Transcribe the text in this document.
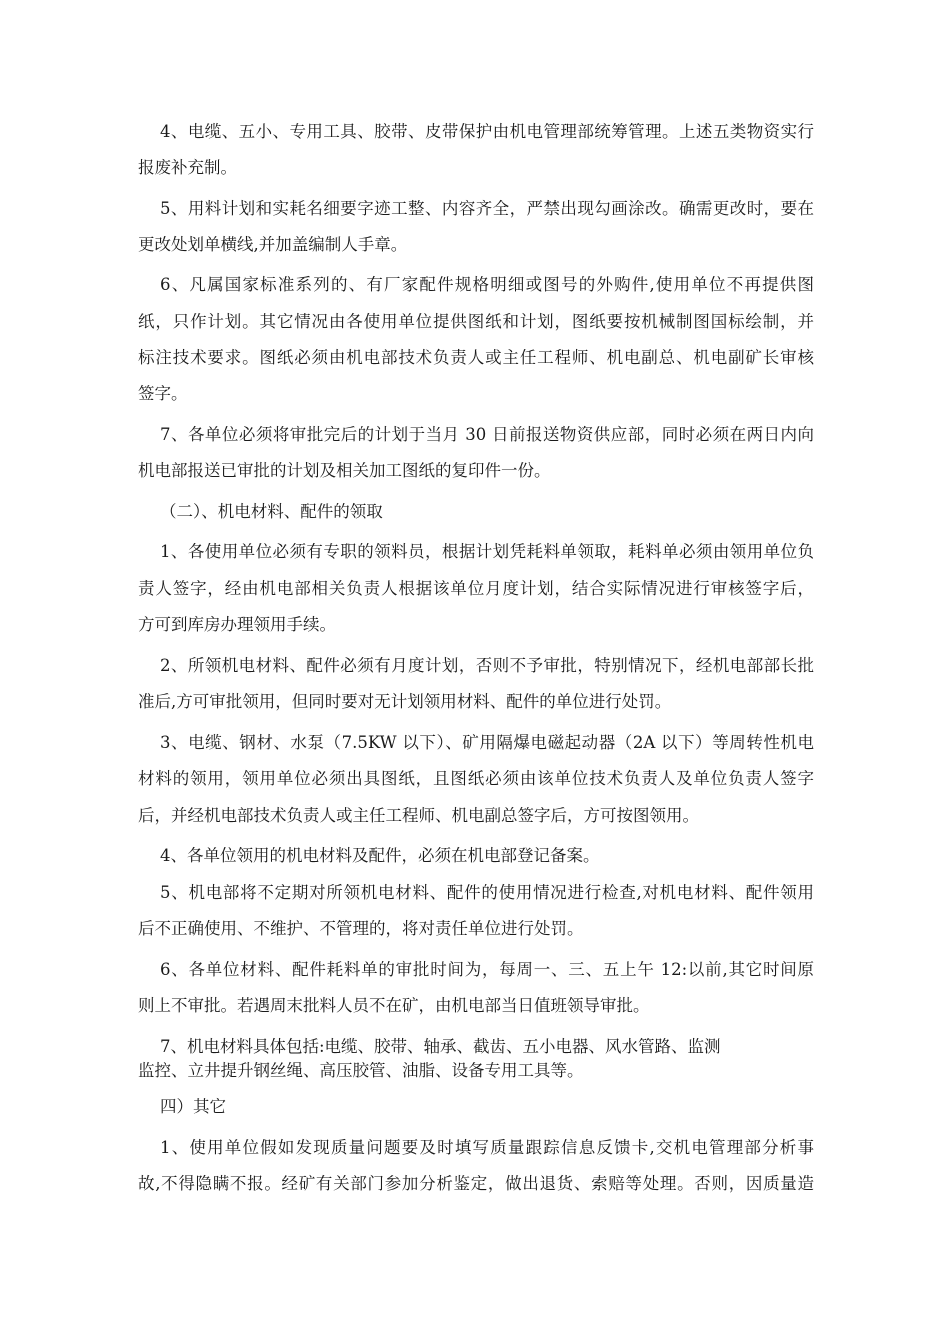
4、电缆、五小、专用工具、胶带、皮带保护由机电管理部统筹管理。上述五类物资实行
报废补充制。
5、用料计划和实耗名细要字迹工整、内容齐全，严禁出现勾画涂改。确需更改时，要在
更改处划单横线,并加盖编制人手章。
6、凡属国家标准系列的、有厂家配件规格明细或图号的外购件,使用单位不再提供图
纸，只作计划。其它情况由各使用单位提供图纸和计划，图纸要按机械制图国标绘制，并
标注技术要求。图纸必须由机电部技术负责人或主任工程师、机电副总、机电副矿长审核
签字。
7、各单位必须将审批完后的计划于当月 30 日前报送物资供应部，同时必须在两日内向
机电部报送已审批的计划及相关加工图纸的复印件一份。
（二）、机电材料、配件的领取
1、各使用单位必须有专职的领料员，根据计划凭耗料单领取，耗料单必须由领用单位负
责人签字，经由机电部相关负责人根据该单位月度计划，结合实际情况进行审核签字后，
方可到库房办理领用手续。
2、所领机电材料、配件必须有月度计划，否则不予审批，特别情况下，经机电部部长批
准后,方可审批领用，但同时要对无计划领用材料、配件的单位进行处罚。
3、电缆、钢材、水泵（7.5KW 以下）、矿用隔爆电磁起动器（2A 以下）等周转性机电
材料的领用，领用单位必须出具图纸，且图纸必须由该单位技术负责人及单位负责人签字
后，并经机电部技术负责人或主任工程师、机电副总签字后，方可按图领用。
4、各单位领用的机电材料及配件，必须在机电部登记备案。
5、机电部将不定期对所领机电材料、配件的使用情况进行检查,对机电材料、配件领用
后不正确使用、不维护、不管理的，将对责任单位进行处罚。
6、各单位材料、配件耗料单的审批时间为，每周一、三、五上午 12:以前,其它时间原
则上不审批。若遇周末批料人员不在矿，由机电部当日值班领导审批。
7、机电材料具体包括:电缆、胶带、轴承、截齿、五小电器、风水管路、监测
监控、立井提升钢丝绳、高压胶管、油脂、设备专用工具等。
四）其它
1、使用单位假如发现质量问题要及时填写质量跟踪信息反馈卡,交机电管理部分析事
故,不得隐瞒不报。经矿有关部门参加分析鉴定，做出退货、索赔等处理。否则，因质量造
